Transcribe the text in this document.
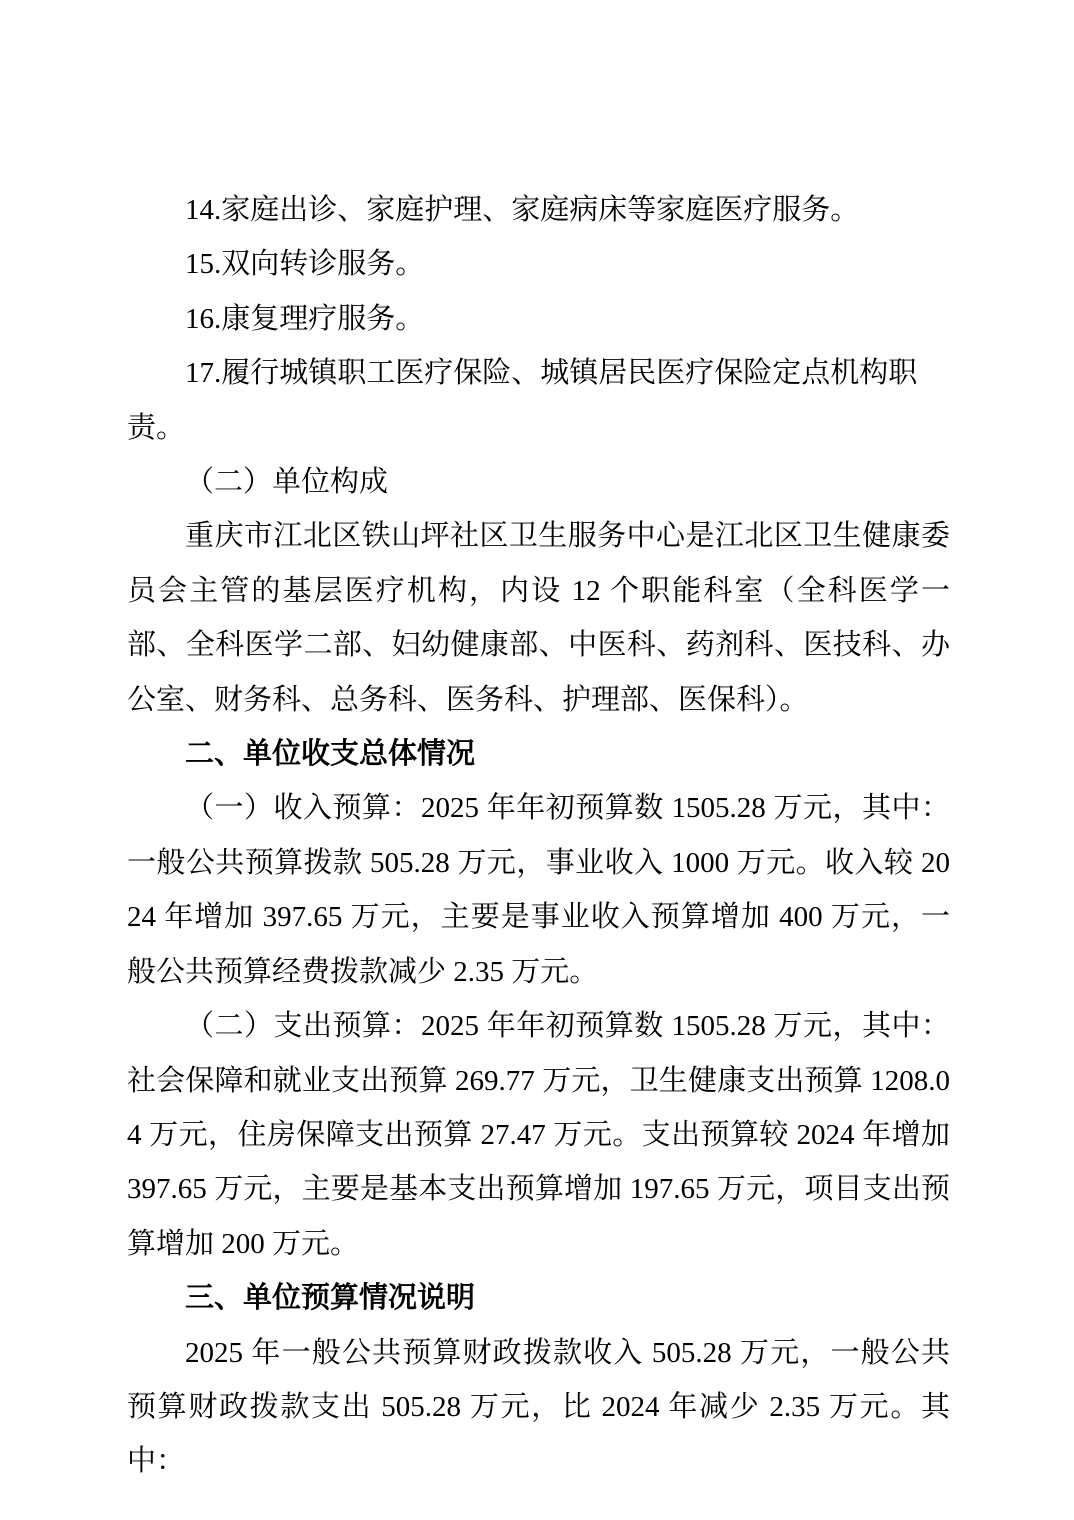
14.家庭出诊、家庭护理、家庭病床等家庭医疗服务。

15.双向转诊服务。

16.康复理疗服务。

17.履行城镇职工医疗保险、城镇居民医疗保险定点机构职责。

（二）单位构成

重庆市江北区铁山坪社区卫生服务中心是江北区卫生健康委员会主管的基层医疗机构，内设 12 个职能科室（全科医学一部、全科医学二部、妇幼健康部、中医科、药剂科、医技科、办公室、财务科、总务科、医务科、护理部、医保科）。

二、单位收支总体情况

（一）收入预算：2025 年年初预算数 1505.28 万元，其中：一般公共预算拨款 505.28 万元，事业收入 1000 万元。收入较 2024 年增加 397.65 万元，主要是事业收入预算增加 400 万元，一般公共预算经费拨款减少 2.35 万元。

（二）支出预算：2025 年年初预算数 1505.28 万元，其中：社会保障和就业支出预算 269.77 万元，卫生健康支出预算 1208.04 万元，住房保障支出预算 27.47 万元。支出预算较 2024 年增加 397.65 万元，主要是基本支出预算增加 197.65 万元，项目支出预算增加 200 万元。

三、单位预算情况说明

2025 年一般公共预算财政拨款收入 505.28 万元，一般公共预算财政拨款支出 505.28 万元，比 2024 年减少 2.35 万元。其中：
